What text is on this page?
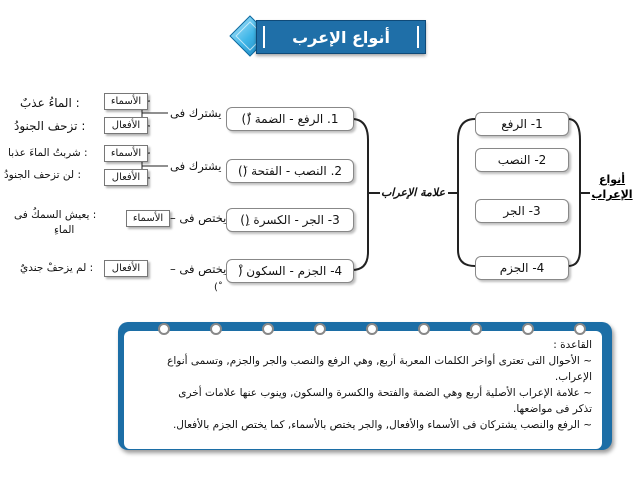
أنواع الإعرب
أنواع الإعراب
1- الرفع
2- النصب
3- الجر
4- الجزم
علامة الإعراب
1. الرفع - الضمة (ُ)
2. النصب - الفتحة (َ)
3- الجر - الكسرة (ِ)
4- الجزم - السكون (ْ
ْ)
يشترك فى
يشترك فى
يختص فى –
يختص فى –
الأسماء
الأفعال
الأسماء
الأفعال
الأسماء
الأفعال
: الماءُ عذبٌ
: تزحف الجنودُ
: شربتُ الماءَ عذبا
: لن تزحف الجنودُ
: يعيش السمكُ فى
الماءِ
: لم يزحفْ جنديٌ
القاعدة :
~ الأحوال التى تعترى أواخر الكلمات المعربة أربع, وهي الرفع والنصب والجر والجزم, وتسمى أنواع
الإعراب.
~ علامة الإعراب الأصلية أربع وهي الضمة والفتحة والكسرة والسكون, وينوب عنها علامات أخرى
تذكر فى مواضعها.
~ الرفع والنصب يشتركان فى الأسماء والأفعال, والجر يختص بالأسماء, كما يختص الجزم بالأفعال.
